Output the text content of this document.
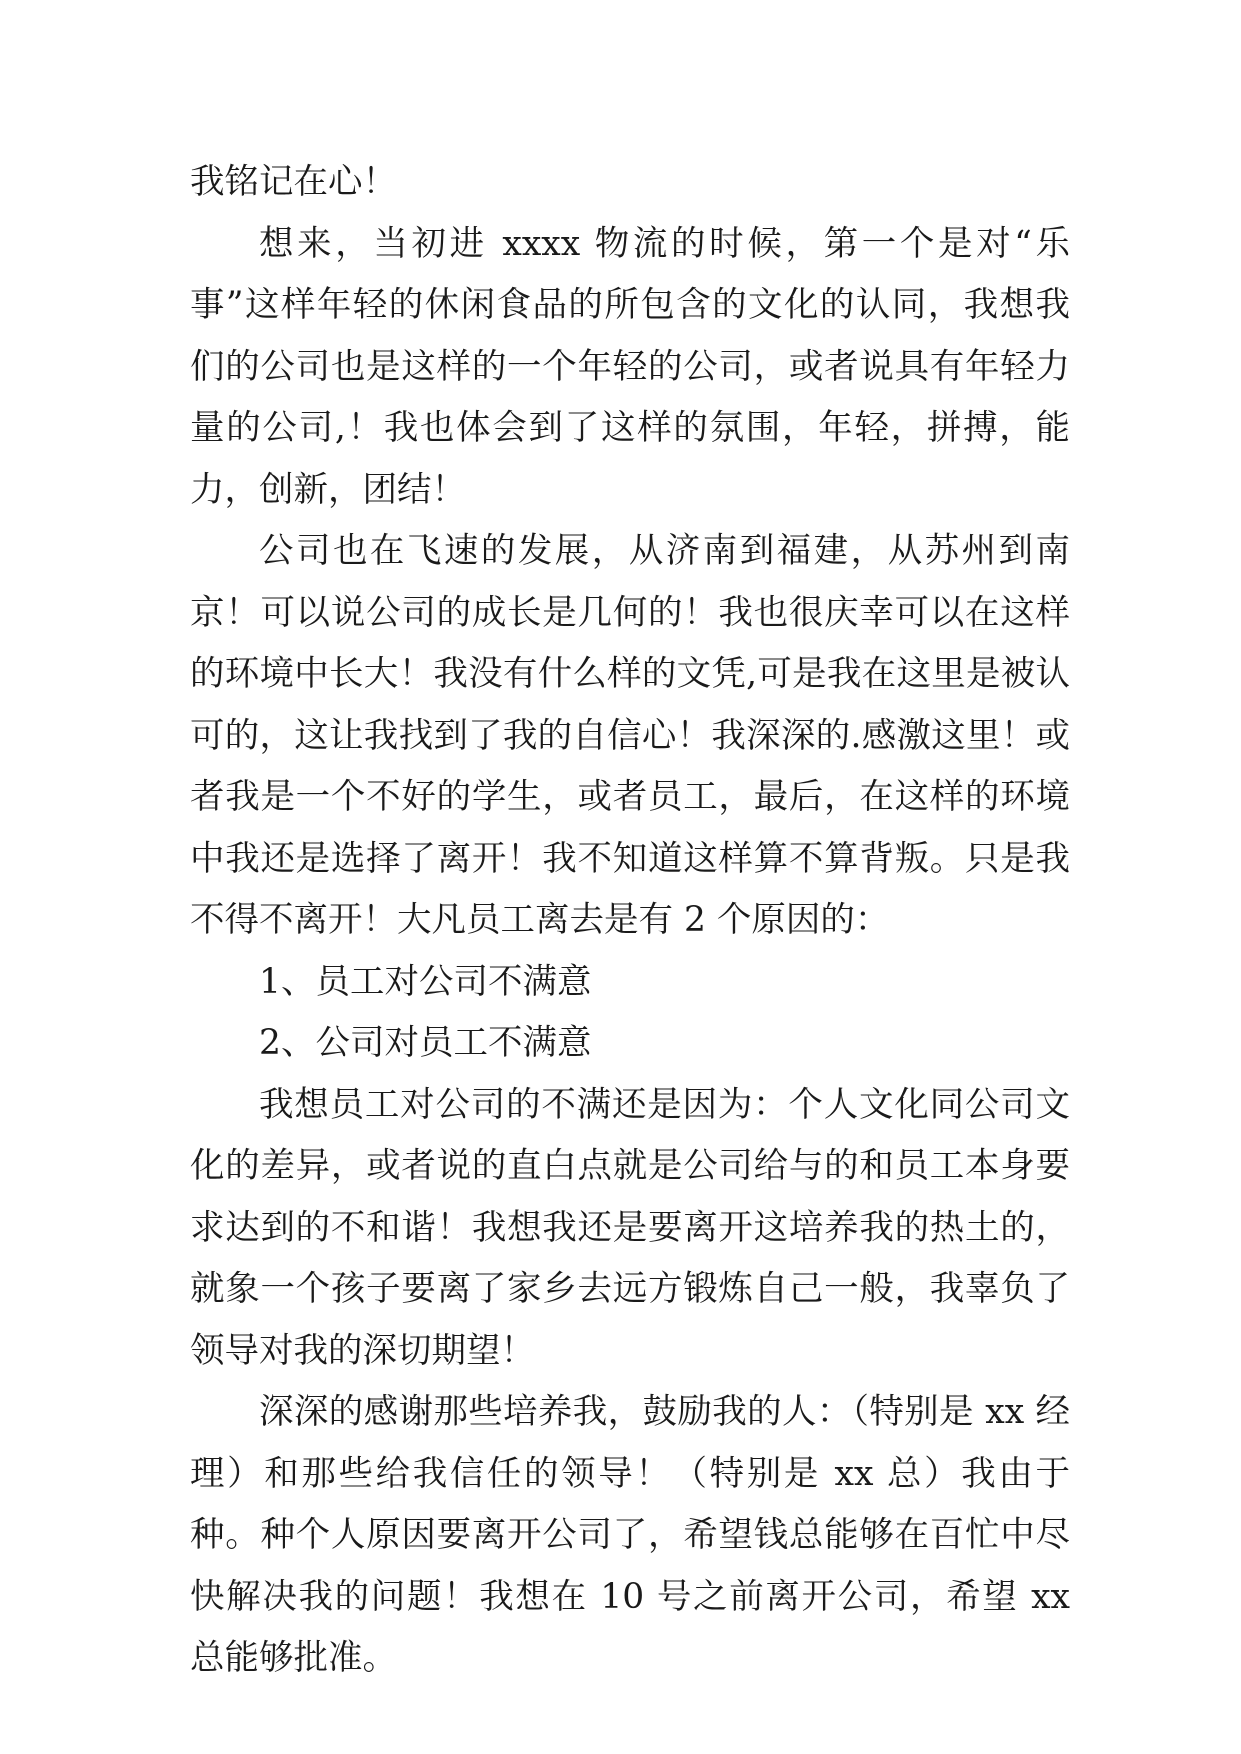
我铭记在心！

想来，当初进 xxxx 物流的时候，第一个是对“乐事”这样年轻的休闲食品的所包含的文化的认同，我想我们的公司也是这样的一个年轻的公司，或者说具有年轻力量的公司,！我也体会到了这样的氛围，年轻，拼搏，能力，创新，团结！

公司也在飞速的发展，从济南到福建，从苏州到南京！可以说公司的成长是几何的！我也很庆幸可以在这样的环境中长大！我没有什么样的文凭,可是我在这里是被认可的，这让我找到了我的自信心！我深深的.感激这里！或者我是一个不好的学生，或者员工，最后，在这样的环境中我还是选择了离开！我不知道这样算不算背叛。只是我不得不离开！大凡员工离去是有 2 个原因的：

1、员工对公司不满意

2、公司对员工不满意

我想员工对公司的不满还是因为：个人文化同公司文化的差异，或者说的直白点就是公司给与的和员工本身要求达到的不和谐！我想我还是要离开这培养我的热土的，就象一个孩子要离了家乡去远方锻炼自己一般，我辜负了领导对我的深切期望！

深深的感谢那些培养我，鼓励我的人：（特别是 xx 经理）和那些给我信任的领导！（特别是 xx 总）我由于种。种个人原因要离开公司了，希望钱总能够在百忙中尽快解决我的问题！我想在 10 号之前离开公司，希望 xx 总能够批准。
